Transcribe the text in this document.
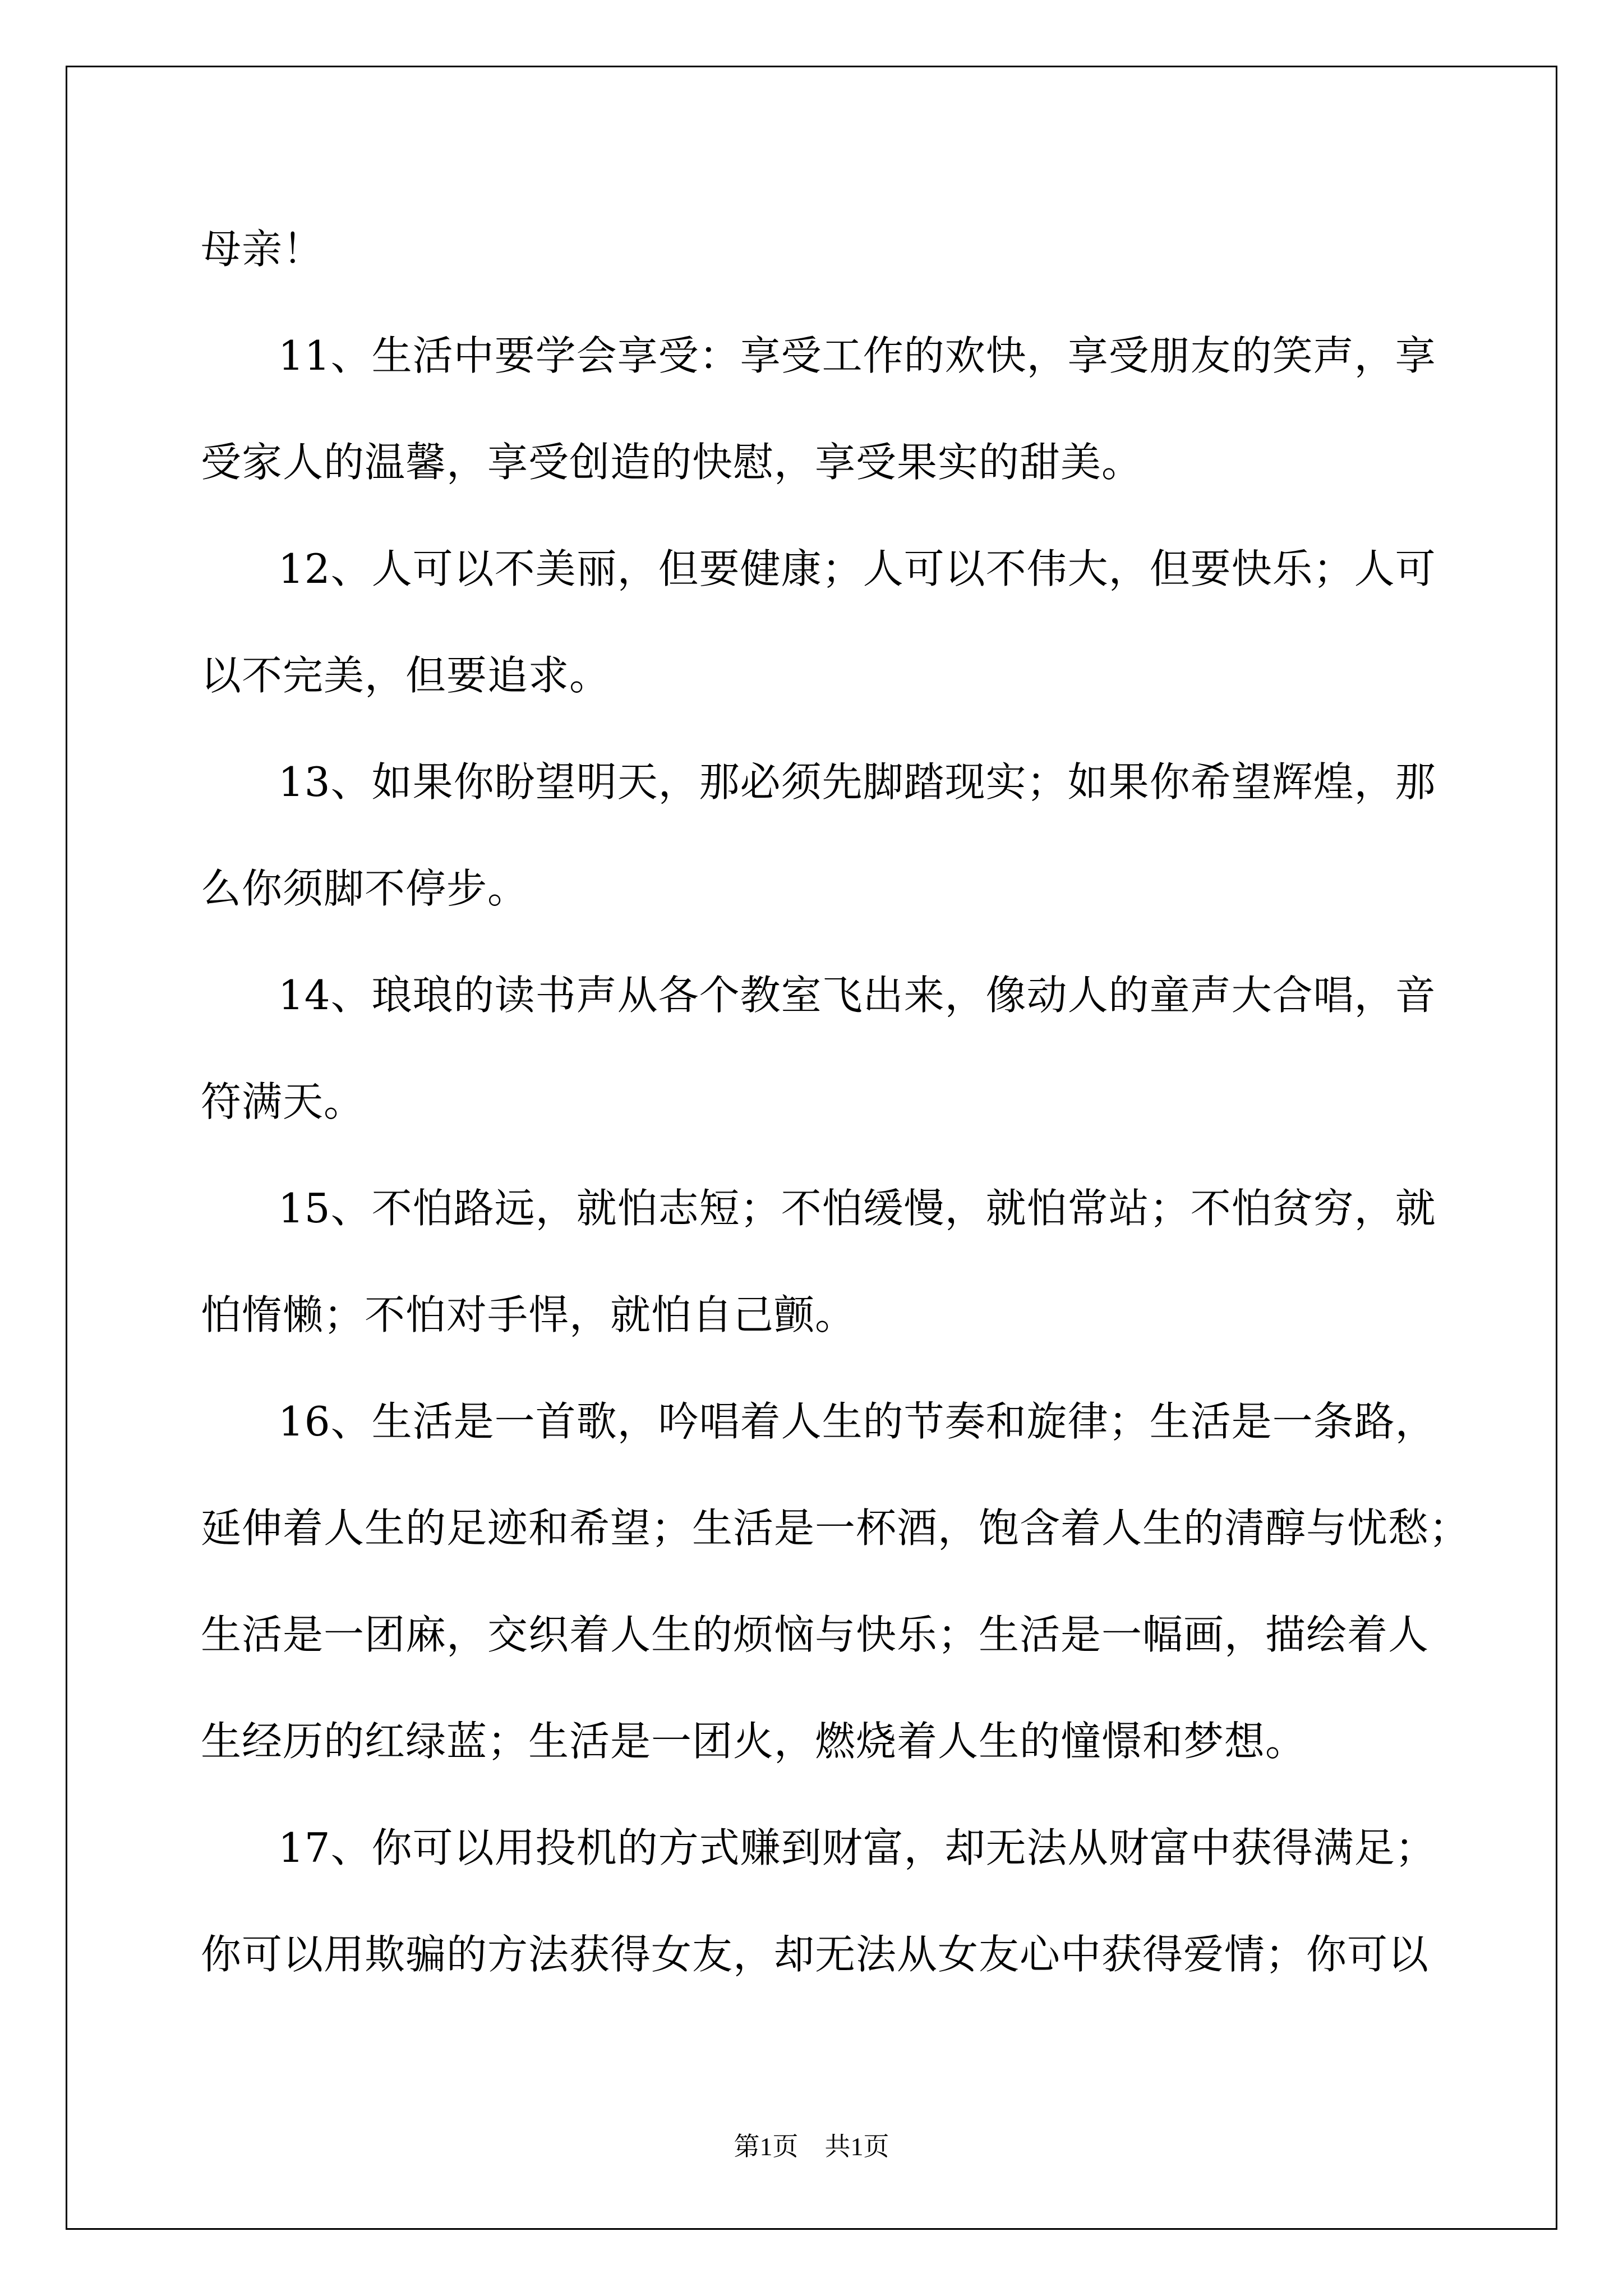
母亲！
11、生活中要学会享受：享受工作的欢快，享受朋友的笑声，享
受家人的温馨，享受创造的快慰，享受果实的甜美。
12、人可以不美丽，但要健康；人可以不伟大，但要快乐；人可
以不完美，但要追求。
13、如果你盼望明天，那必须先脚踏现实；如果你希望辉煌，那
么你须脚不停步。
14、琅琅的读书声从各个教室飞出来，像动人的童声大合唱，音
符满天。
15、不怕路远，就怕志短；不怕缓慢，就怕常站；不怕贫穷，就
怕惰懒；不怕对手悍，就怕自己颤。
16、生活是一首歌，吟唱着人生的节奏和旋律；生活是一条路，
延伸着人生的足迹和希望；生活是一杯酒，饱含着人生的清醇与忧愁；
生活是一团麻，交织着人生的烦恼与快乐；生活是一幅画，描绘着人
生经历的红绿蓝；生活是一团火，燃烧着人生的憧憬和梦想。
17、你可以用投机的方式赚到财富，却无法从财富中获得满足；
你可以用欺骗的方法获得女友，却无法从女友心中获得爱情；你可以
第1页 共1页
